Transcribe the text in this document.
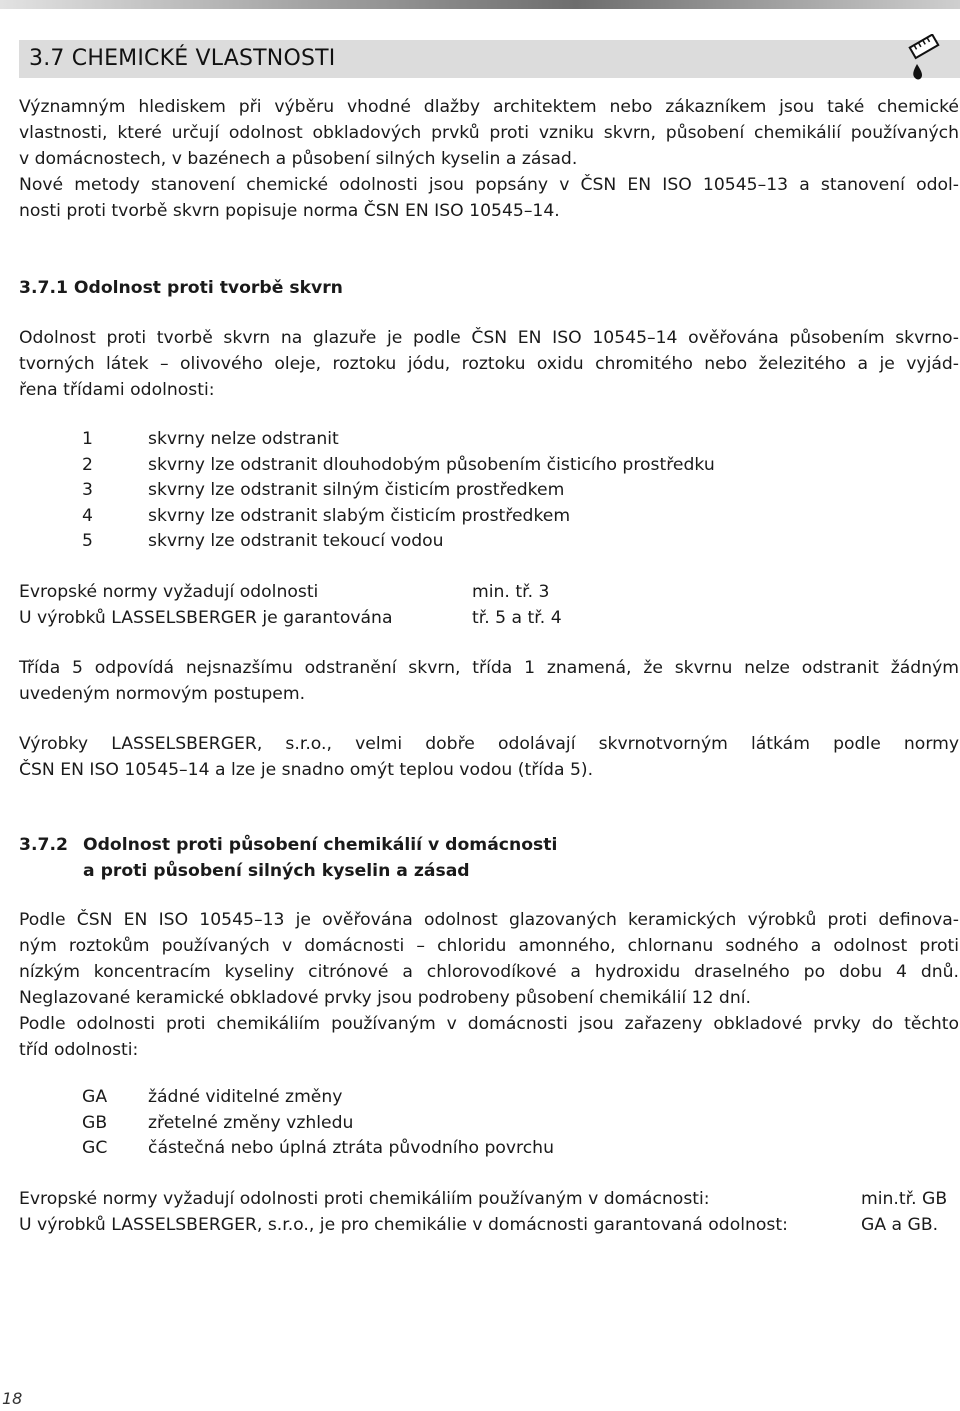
3.7 CHEMICKÉ VLASTNOSTI
Významným hlediskem při výběru vhodné dlažby architektem nebo zákazníkem jsou také chemické
vlastnosti, které určují odolnost obkladových prvků proti vzniku skvrn, působení chemikálií používaných
v domácnostech, v bazénech a působení silných kyselin a zásad.
Nové metody stanovení chemické odolnosti jsou popsány v ČSN EN ISO 10545–13 a stanovení odol-
nosti proti tvorbě skvrn popisuje norma ČSN EN ISO 10545–14.
3.7.1 Odolnost proti tvorbě skvrn
Odolnost proti tvorbě skvrn na glazuře je podle ČSN EN ISO 10545–14 ověřována působením skvrno-
tvorných látek – olivového oleje, roztoku jódu, roztoku oxidu chromitého nebo železitého a je vyjád-
řena třídami odolnosti:
1	skvrny nelze odstranit
2	skvrny lze odstranit dlouhodobým působením čisticího prostředku
3	skvrny lze odstranit silným čisticím prostředkem
4	skvrny lze odstranit slabým čisticím prostředkem
5	skvrny lze odstranit tekoucí vodou
Evropské normy vyžadují odolnosti	min. tř. 3
U výrobků LASSELSBERGER je garantována	tř. 5 a tř. 4
Třída 5 odpovídá nejsnazšímu odstranění skvrn, třída 1 znamená, že skvrnu nelze odstranit žádným
uvedeným normovým postupem.
Výrobky LASSELSBERGER, s.r.o., velmi dobře odolávají skvrnotvorným látkám podle normy
ČSN EN ISO 10545–14 a lze je snadno omýt teplou vodou (třída 5).
3.7.2 Odolnost proti působení chemikálií v domácnosti
a proti působení silných kyselin a zásad
Podle ČSN EN ISO 10545–13 je ověřována odolnost glazovaných keramických výrobků proti definova-
ným roztokům používaných v domácnosti – chloridu amonného, chlornanu sodného a odolnost proti
nízkým koncentracím kyseliny citrónové a chlorovodíkové a hydroxidu draselného po dobu 4 dnů.
Neglazované keramické obkladové prvky jsou podrobeny působení chemikálií 12 dní.
Podle odolnosti proti chemikáliím používaným v domácnosti jsou zařazeny obkladové prvky do těchto
tříd odolnosti:
GA žádné viditelné změny
GB zřetelné změny vzhledu
GC částečná nebo úplná ztráta původního povrchu
Evropské normy vyžadují odolnosti proti chemikáliím používaným v domácnosti:	min.tř. GB
U výrobků LASSELSBERGER, s.r.o., je pro chemikálie v domácnosti garantovaná odolnost:	GA a GB.
18
